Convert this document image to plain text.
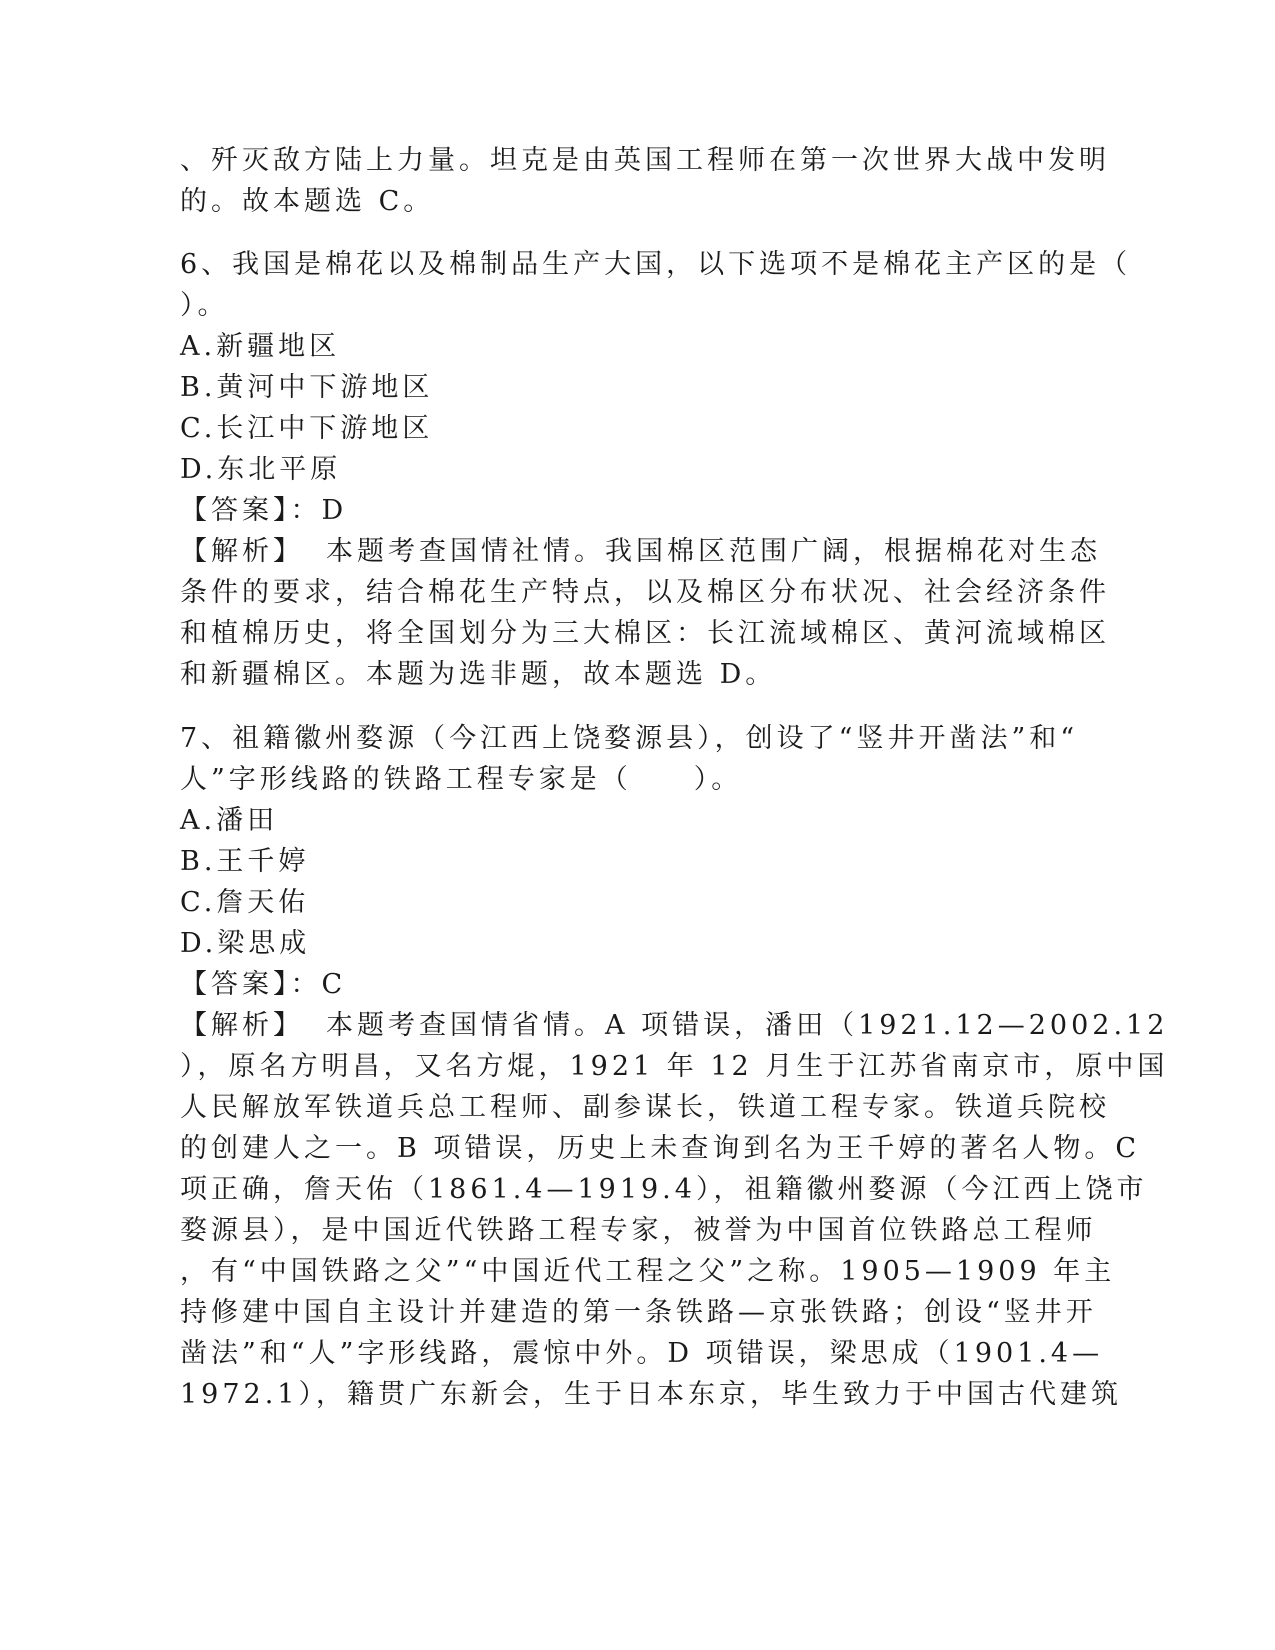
、歼灭敌方陆上力量。坦克是由英国工程师在第一次世界大战中发明
的。故本题选 C。
6、我国是棉花以及棉制品生产大国，以下选项不是棉花主产区的是（
）。
A.新疆地区
B.黄河中下游地区
C.长江中下游地区
D.东北平原
【答案】：D
【解析】 本题考查国情社情。我国棉区范围广阔，根据棉花对生态
条件的要求，结合棉花生产特点，以及棉区分布状况、社会经济条件
和植棉历史，将全国划分为三大棉区：长江流域棉区、黄河流域棉区
和新疆棉区。本题为选非题，故本题选 D。
7、祖籍徽州婺源（今江西上饶婺源县），创设了“竖井开凿法”和“
人”字形线路的铁路工程专家是（　　）。
A.潘田
B.王千婷
C.詹天佑
D.梁思成
【答案】：C
【解析】 本题考查国情省情。A 项错误，潘田（1921.12—2002.12
），原名方明昌，又名方焜，1921 年 12 月生于江苏省南京市，原中国
人民解放军铁道兵总工程师、副参谋长，铁道工程专家。铁道兵院校
的创建人之一。B 项错误，历史上未查询到名为王千婷的著名人物。C
项正确，詹天佑（1861.4—1919.4），祖籍徽州婺源（今江西上饶市
婺源县），是中国近代铁路工程专家，被誉为中国首位铁路总工程师
，有“中国铁路之父”“中国近代工程之父”之称。1905—1909 年主
持修建中国自主设计并建造的第一条铁路—京张铁路；创设“竖井开
凿法”和“人”字形线路，震惊中外。D 项错误，梁思成（1901.4—
1972.1），籍贯广东新会，生于日本东京，毕生致力于中国古代建筑
